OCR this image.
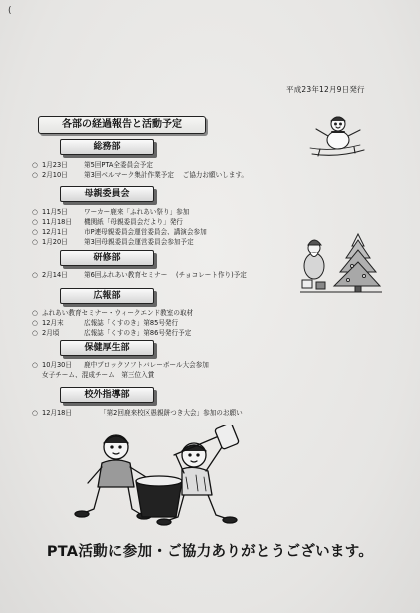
(
平成23年12月9日発行
各部の経過報告と活動予定
総務部
○ 1月23日 第5回PTA全委員会予定
○ 2月10日 第3回ベルマーク集計作業予定　 ご協力お願いします。
母親委員会
○ 11月5日 ワーカー鹿来「ふれあい祭り」参加
○ 11月18日 機関紙「母親委員会だより」発行
○ 12月1日 市P連母親委員会運営委員会、講演会参加
○ 1月20日 第3回母親委員会運営委員会参加予定
研修部
○ 2月14日 第6回ふれあい教育セミナー　 (チョコレート作り)予定
広報部
○ ふれあい教育セミナー・ウィークエンド教室の取材
○ 12月末	広報誌「くすのき」第85号発行
○ 2月頃	広報誌「くすのき」第86号発行予定
保健厚生部
○ 10月30日 鹿中ブロックソフトバレーボール大会参加
女子チーム、混成チーム　第三位入賞
校外指導部
○ 12月18日	「第2回鹿来校区愚親餅つき大会」参加のお願い
PTA活動に参加・ご協力ありがとうございます。
